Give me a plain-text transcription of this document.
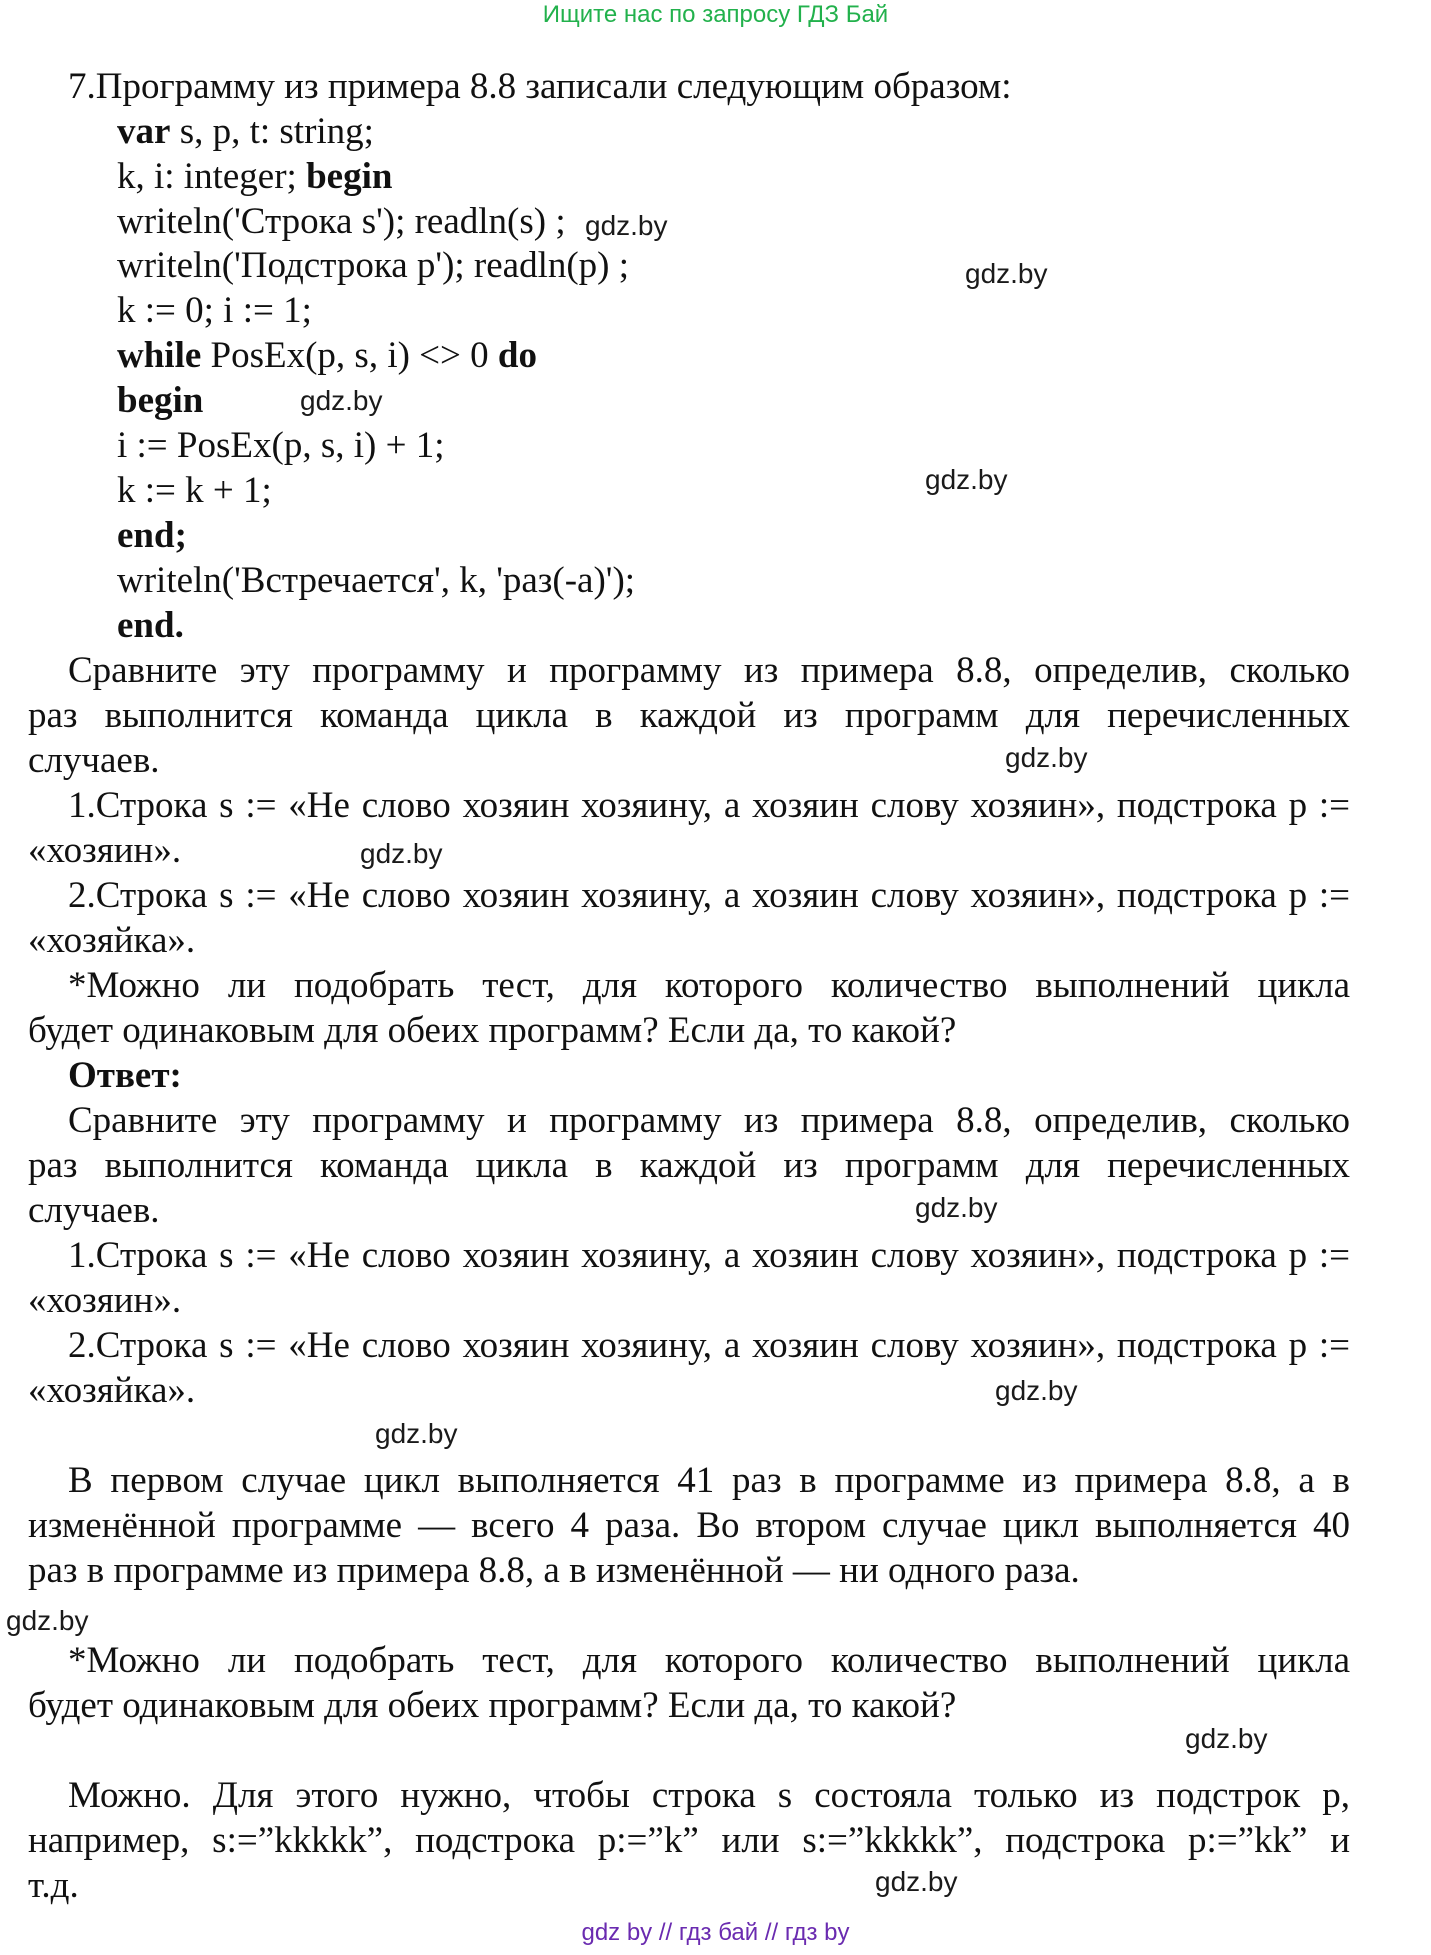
Ищите нас по запросу ГДЗ Бай
7.Программу из примера 8.8 записали следующим образом:
var s, p, t: string;
k, i: integer; begin
writeln('Строка s'); readln(s) ;
writeln('Подстрока p'); readln(p) ;
k := 0; i := 1;
while PosEx(p, s, i) <> 0 do
begin
i := PosEx(p, s, i) + 1;
k := k + 1;
end;
writeln('Встречается', k, 'раз(-а)');
end.
Сравните эту программу и программу из примера 8.8, определив, сколько
раз выполнится команда цикла в каждой из программ для перечисленных
случаев.
1.Строка s := «Не слово хозяин хозяину, а хозяин слову хозяин», подстрока p :=
«хозяин».
2.Строка s := «Не слово хозяин хозяину, а хозяин слову хозяин», подстрока p :=
«хозяйка».
*Можно ли подобрать тест, для которого количество выполнений цикла
будет одинаковым для обеих программ? Если да, то какой?
Ответ:
Сравните эту программу и программу из примера 8.8, определив, сколько
раз выполнится команда цикла в каждой из программ для перечисленных
случаев.
1.Строка s := «Не слово хозяин хозяину, а хозяин слову хозяин», подстрока p :=
«хозяин».
2.Строка s := «Не слово хозяин хозяину, а хозяин слову хозяин», подстрока p :=
«хозяйка».
В первом случае цикл выполняется 41 раз в программе из примера 8.8, а в
изменённой программе — всего 4 раза. Во втором случае цикл выполняется 40
раз в программе из примера 8.8, а в изменённой — ни одного раза.
*Можно ли подобрать тест, для которого количество выполнений цикла
будет одинаковым для обеих программ? Если да, то какой?
Можно. Для этого нужно, чтобы строка s состояла только из подстрок p,
например, s:=”kkkkk”, подстрока p:=”k” или s:=”kkkkk”, подстрока p:=”kk” и
т.д.
gdz.by
gdz.by
gdz.by
gdz.by
gdz.by
gdz.by
gdz.by
gdz.by
gdz.by
gdz.by
gdz.by
gdz.by
gdz by // гдз бай // гдз by
